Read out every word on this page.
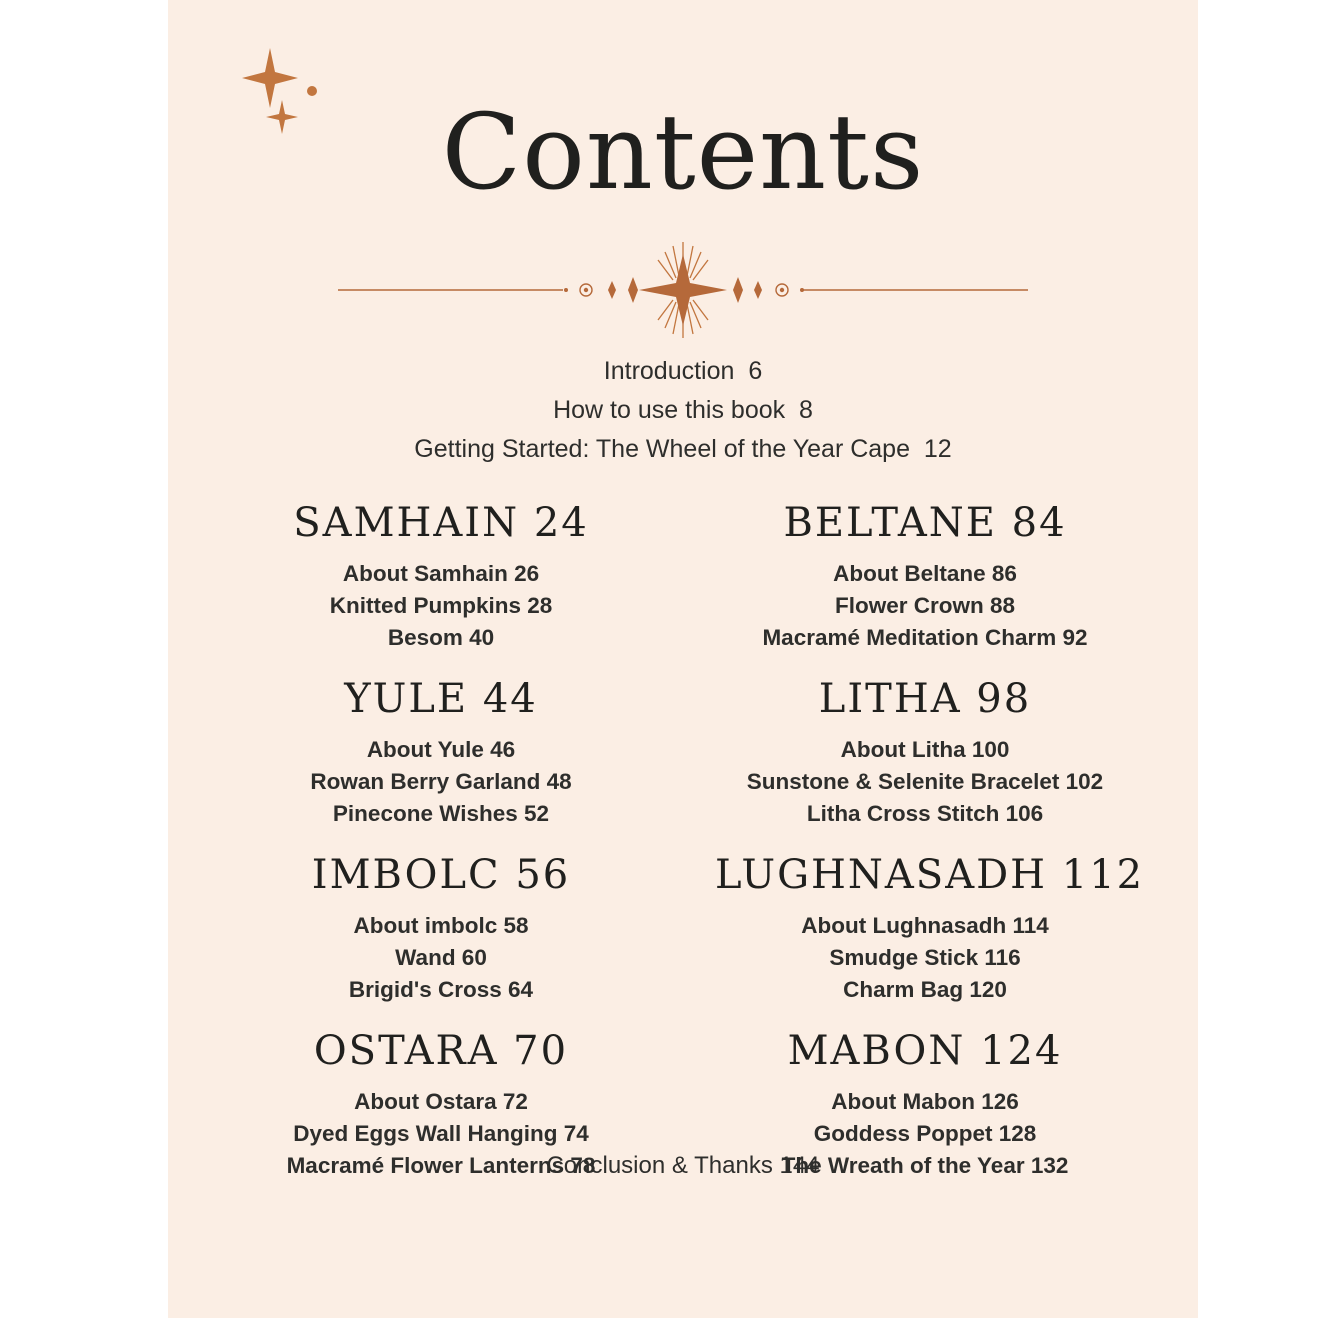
Contents
Introduction  6
How to use this book  8
Getting Started: The Wheel of the Year Cape  12
SAMHAIN 24
About Samhain 26
Knitted Pumpkins 28
Besom 40
YULE 44
About Yule 46
Rowan Berry Garland 48
Pinecone Wishes 52
IMBOLC 56
About imbolc 58
Wand 60
Brigid's Cross 64
OSTARA 70
About Ostara 72
Dyed Eggs Wall Hanging 74
Macramé Flower Lanterns 78
BELTANE 84
About Beltane 86
Flower Crown 88
Macramé Meditation Charm 92
LITHA 98
About Litha 100
Sunstone & Selenite Bracelet 102
Litha Cross Stitch 106
LUGHNASADH 112
About Lughnasadh 114
Smudge Stick 116
Charm Bag 120
MABON 124
About Mabon 126
Goddess Poppet 128
The Wreath of the Year 132
Conclusion & Thanks 144
